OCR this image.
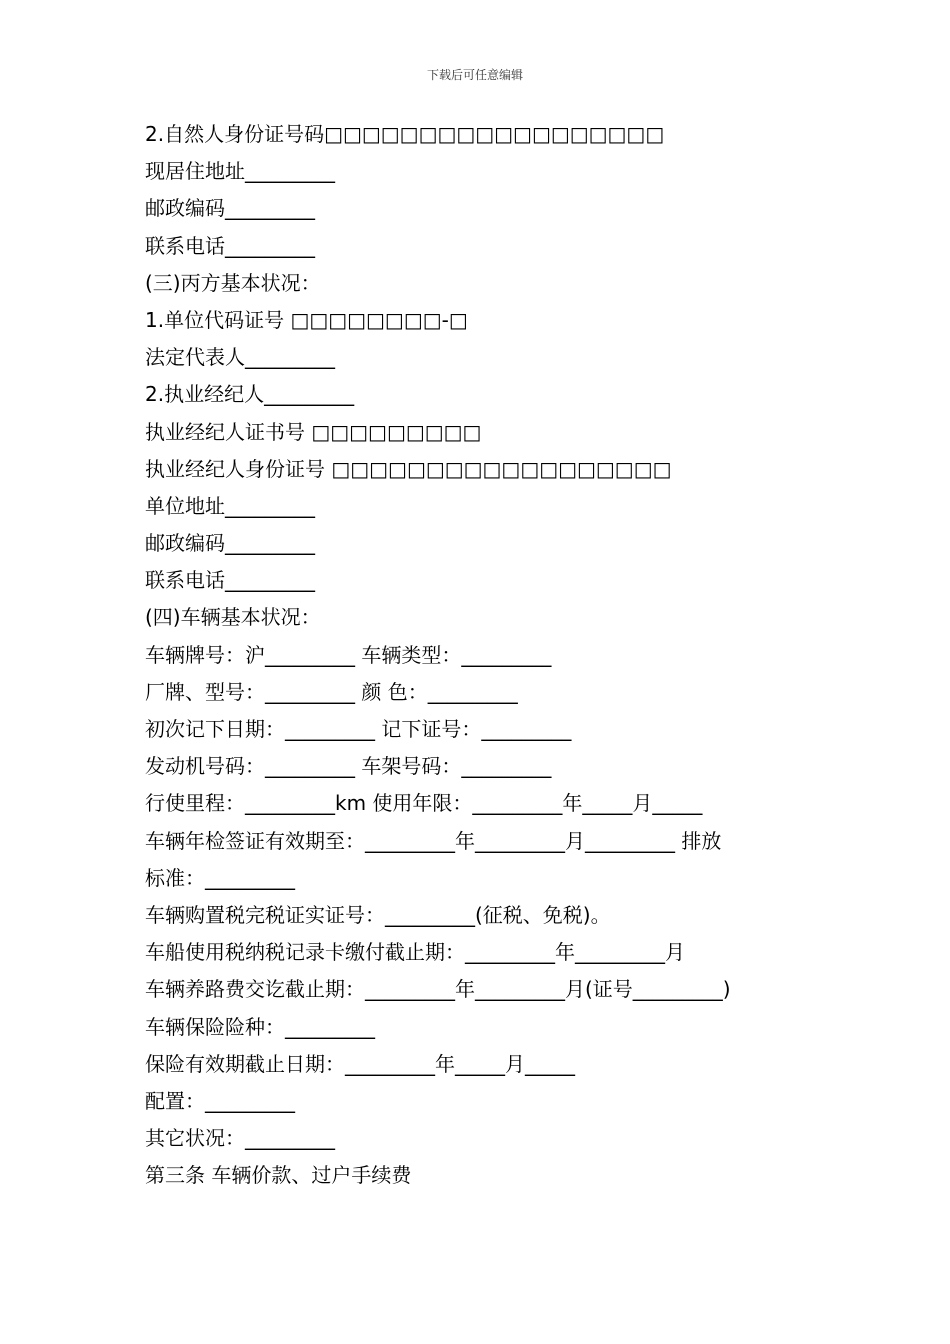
下载后可任意编辑
2.自然人身份证号码□□□□□□□□□□□□□□□□□□
现居住地址_________
邮政编码_________
联系电话_________
(三)丙方基本状况：
1.单位代码证号 □□□□□□□□-□
法定代表人_________
2.执业经纪人_________
执业经纪人证书号 □□□□□□□□□
执业经纪人身份证号 □□□□□□□□□□□□□□□□□□
单位地址_________
邮政编码_________
联系电话_________
(四)车辆基本状况：
车辆牌号：沪_________ 车辆类型：_________
厂牌、型号：_________ 颜 色：_________
初次记下日期：_________ 记下证号：_________
发动机号码：_________ 车架号码：_________
行使里程：_________km 使用年限：_________年_____月_____
车辆年检签证有效期至：_________年_________月_________ 排放
标准：_________
车辆购置税完税证实证号：_________(征税、免税)。
车船使用税纳税记录卡缴付截止期：_________年_________月
车辆养路费交讫截止期：_________年_________月(证号_________)
车辆保险险种：_________
保险有效期截止日期：_________年_____月_____
配置：_________
其它状况：_________
第三条 车辆价款、过户手续费
